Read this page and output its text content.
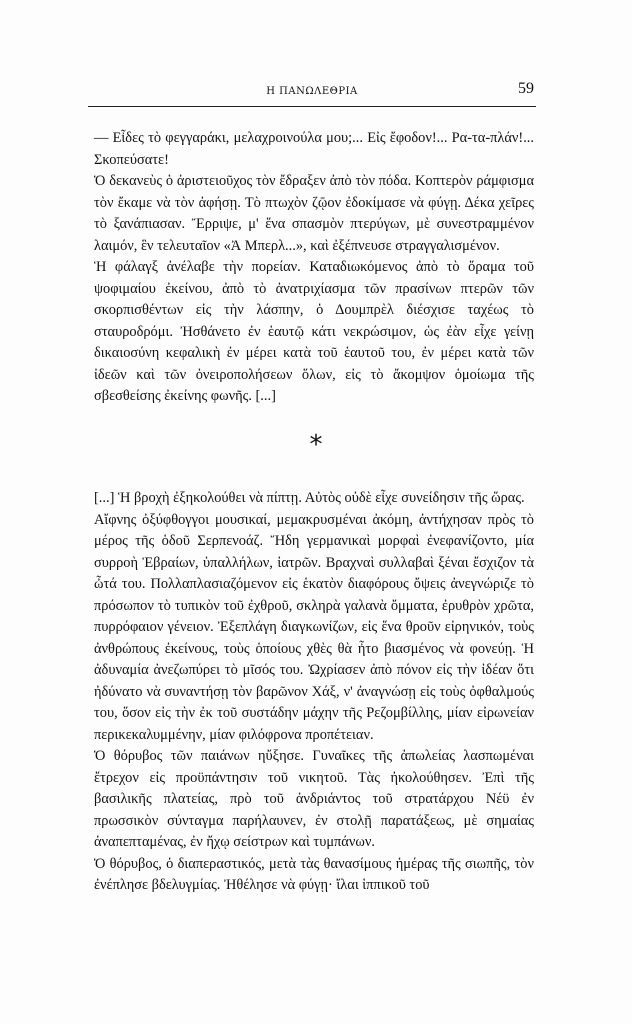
Η ΠΑΝΩΛΕΘΡΙΑ	59

— Εἶδες τὸ φεγγαράκι, μελαχροινούλα μου;... Εἰς ἔφοδον!... Ρα-τα-πλάν!... Σκοπεύσατε!

Ὁ δεκανεὺς ὁ ἀριστειοῦχος τὸν ἔδραξεν ἀπὸ τὸν πόδα. Κοπτερὸν ράμφισμα τὸν ἔκαμε νὰ τὸν ἀφήσῃ. Τὸ πτωχὸν ζῷον ἐδοκίμασε νὰ φύγῃ. Δέκα χεῖρες τὸ ξανάπιασαν. Ἔρριψε, μ' ἕνα σπασμὸν πτερύγων, μὲ συνεστραμμένον λαιμόν, ἓν τελευταῖον «Ἀ Μπερλ...», καὶ ἐξέπνευσε στραγγαλισμένον.

Ἡ φάλαγξ ἀνέλαβε τὴν πορείαν. Καταδιωκόμενος ἀπὸ τὸ ὅραμα τοῦ ψοφιμαίου ἐκείνου, ἀπὸ τὸ ἀνατριχίασμα τῶν πρασίνων πτερῶν τῶν σκορπισθέντων εἰς τὴν λάσπην, ὁ Δουμπρὲλ διέσχισε ταχέως τὸ σταυροδρόμι. Ἠσθάνετο ἐν ἑαυτῷ κάτι νεκρώσιμον, ὡς ἐὰν εἶχε γείνῃ δικαιοσύνη κεφαλικὴ ἐν μέρει κατὰ τοῦ ἑαυτοῦ του, ἐν μέρει κατὰ τῶν ἰδεῶν καὶ τῶν ὀνειροπολήσεων ὅλων, εἰς τὸ ἄκομψον ὁμοίωμα τῆς σβεσθείσης ἐκείνης φωνῆς. [...]

*

[...] Ἡ βροχὴ ἐξηκολούθει νὰ πίπτῃ. Αὐτὸς οὐδὲ εἶχε συνείδησιν τῆς ὥρας.

Αἴφνης ὀξύφθογγοι μουσικαί, μεμακρυσμέναι ἀκόμη, ἀντήχησαν πρὸς τὸ μέρος τῆς ὁδοῦ Σερπενοάζ. Ἤδη γερμανικαὶ μορφαὶ ἐνεφανίζοντο, μία συρροὴ Ἑβραίων, ὑπαλλήλων, ἰατρῶν. Βραχναὶ συλλαβαὶ ξέναι ἔσχιζον τὰ ὦτά του. Πολλαπλασιαζόμενον εἰς ἑκατὸν διαφόρους ὄψεις ἀνεγνώριζε τὸ πρόσωπον τὸ τυπικὸν τοῦ ἐχθροῦ, σκληρὰ γαλανὰ ὄμματα, ἐρυθρὸν χρῶτα, πυρρόφαιον γένειον. Ἐξεπλάγη διαγκωνίζων, εἰς ἕνα θροῦν εἰρηνικόν, τοὺς ἀνθρώπους ἐκείνους, τοὺς ὁποίους χθὲς θὰ ἦτο βιασμένος νὰ φονεύῃ. Ἡ ἀδυναμία ἀνεζωπύρει τὸ μῖσός του. Ὠχρίασεν ἀπὸ πόνον εἰς τὴν ἰδέαν ὅτι ἠδύνατο νὰ συναντήσῃ τὸν βαρῶνον Χάξ, ν' ἀναγνώσῃ εἰς τοὺς ὀφθαλμούς του, ὅσον εἰς τὴν ἐκ τοῦ συστάδην μάχην τῆς Ρεζομβίλλης, μίαν εἰρωνείαν περικεκαλυμμένην, μίαν φιλόφρονα προπέτειαν.

Ὁ θόρυβος τῶν παιάνων ηὔξησε. Γυναῖκες τῆς ἀπωλείας λασπωμέναι ἔτρεχον εἰς προϋπάντησιν τοῦ νικητοῦ. Τὰς ἠκολούθησεν. Ἐπὶ τῆς βασιλικῆς πλατείας, πρὸ τοῦ ἀνδριάντος τοῦ στρατάρχου Νέϋ ἐν πρωσσικὸν σύνταγμα παρήλαυνεν, ἐν στολῇ παρατάξεως, μὲ σημαίας ἀναπεπταμένας, ἐν ἤχῳ σείστρων καὶ τυμπάνων.

Ὁ θόρυβος, ὁ διαπεραστικός, μετὰ τὰς θανασίμους ἡμέρας τῆς σιωπῆς, τὸν ἐνέπλησε βδελυγμίας. Ἠθέλησε νὰ φύγῃ· ἴλαι ἱππικοῦ τοῦ
